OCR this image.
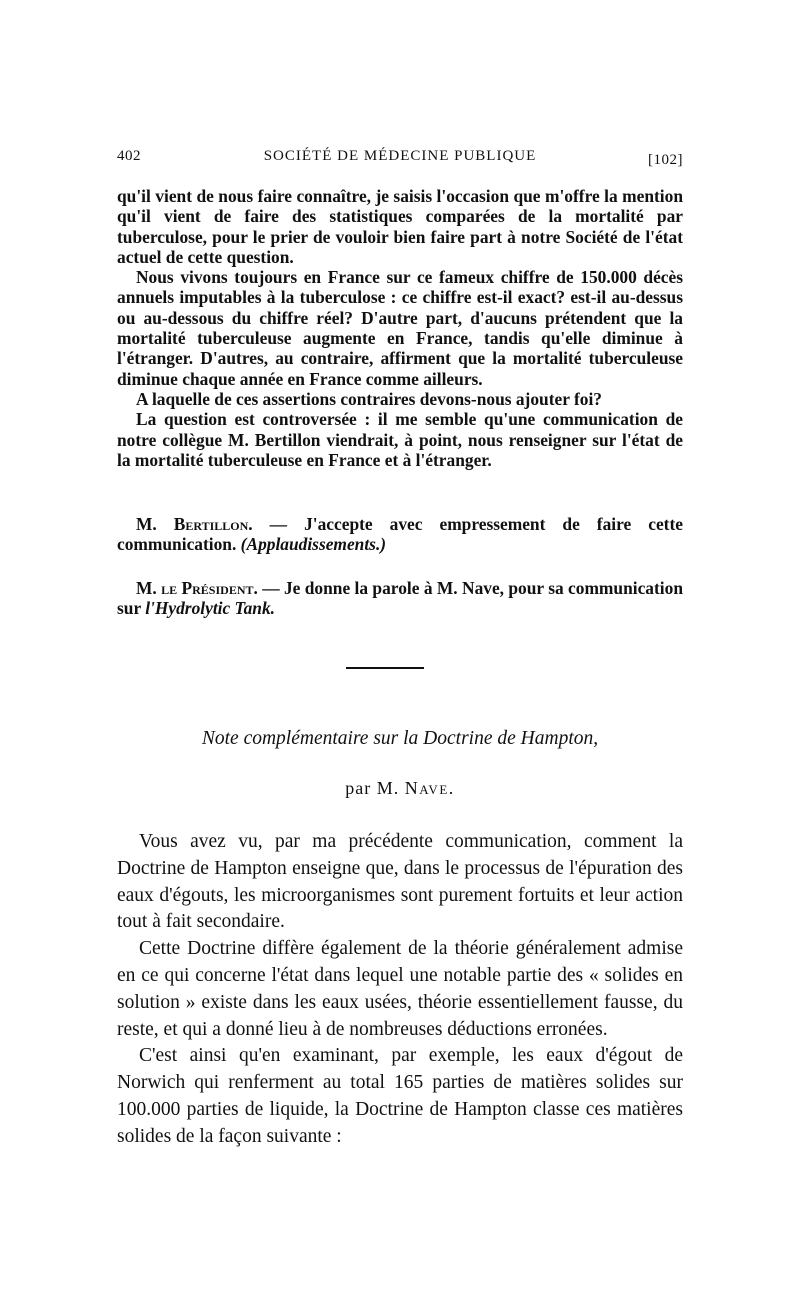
402	SOCIÉTÉ DE MÉDECINE PUBLIQUE	[102]

qu'il vient de nous faire connaître, je saisis l'occasion que m'offre la mention qu'il vient de faire des statistiques comparées de la mortalité par tuberculose, pour le prier de vouloir bien faire part à notre Société de l'état actuel de cette question.

Nous vivons toujours en France sur ce fameux chiffre de 150.000 décès annuels imputables à la tuberculose : ce chiffre est-il exact? est-il au-dessus ou au-dessous du chiffre réel? D'autre part, d'aucuns prétendent que la mortalité tuberculeuse augmente en France, tandis qu'elle diminue à l'étranger. D'autres, au contraire, affirment que la mortalité tuberculeuse diminue chaque année en France comme ailleurs.

A laquelle de ces assertions contraires devons-nous ajouter foi?

La question est controversée : il me semble qu'une communication de notre collègue M. Bertillon viendrait, à point, nous renseigner sur l'état de la mortalité tuberculeuse en France et à l'étranger.

M. Bertillon. — J'accepte avec empressement de faire cette communication. (Applaudissements.)

M. le Président. — Je donne la parole à M. Nave, pour sa communication sur l'Hydrolytic Tank.

Note complémentaire sur la Doctrine de Hampton,
par M. Nave.

Vous avez vu, par ma précédente communication, comment la Doctrine de Hampton enseigne que, dans le processus de l'épuration des eaux d'égouts, les microorganismes sont purement fortuits et leur action tout à fait secondaire.

Cette Doctrine diffère également de la théorie généralement admise en ce qui concerne l'état dans lequel une notable partie des « solides en solution » existe dans les eaux usées, théorie essentiellement fausse, du reste, et qui a donné lieu à de nombreuses déductions erronées.

C'est ainsi qu'en examinant, par exemple, les eaux d'égout de Norwich qui renferment au total 165 parties de matières solides sur 100.000 parties de liquide, la Doctrine de Hampton classe ces matières solides de la façon suivante :
